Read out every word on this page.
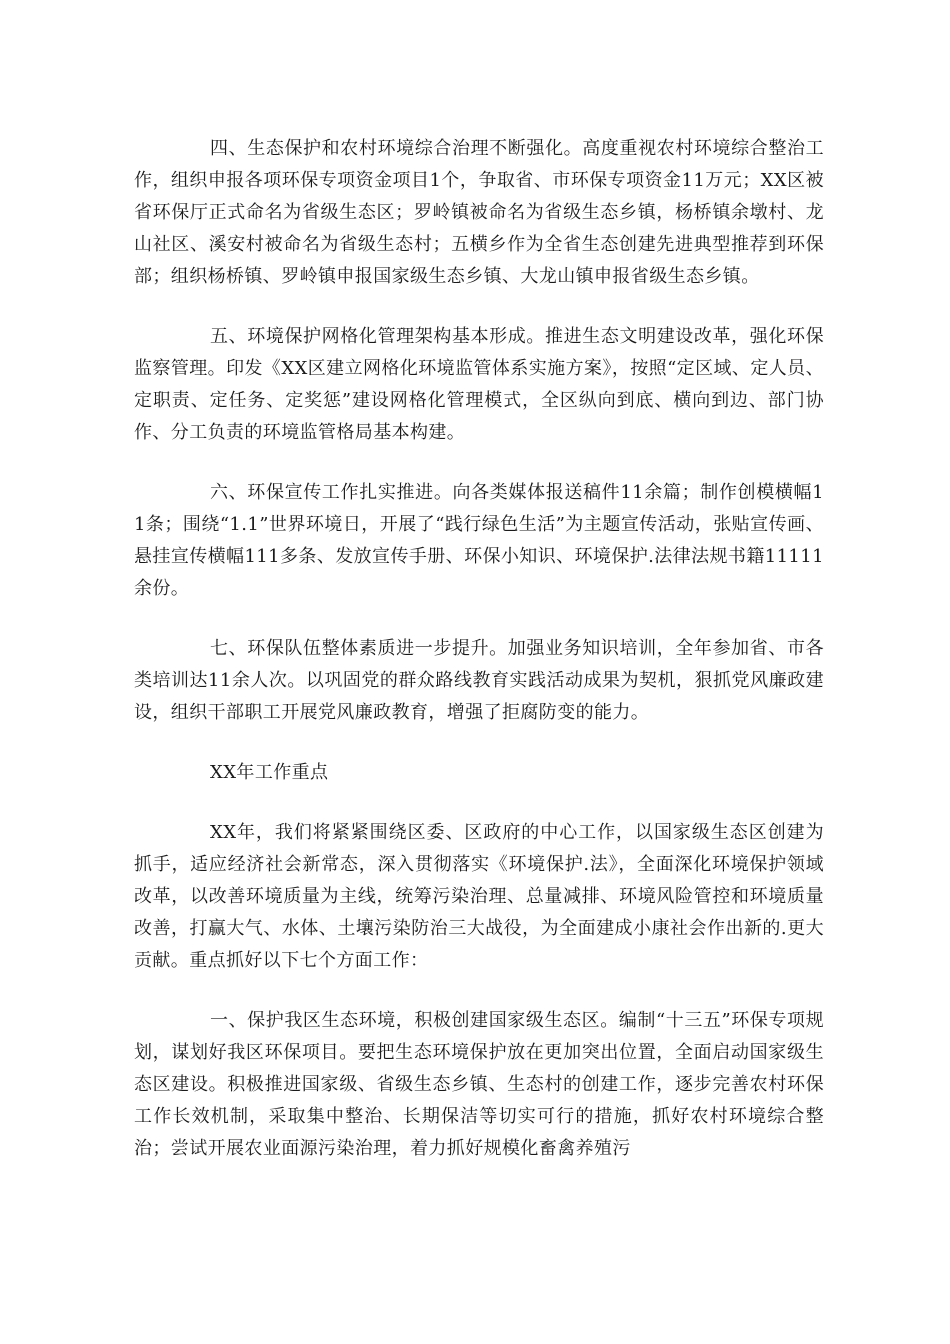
四、生态保护和农村环境综合治理不断强化。高度重视农村环境综合整治工作，组织申报各项环保专项资金项目1个，争取省、市环保专项资金11万元；XX区被省环保厅正式命名为省级生态区；罗岭镇被命名为省级生态乡镇，杨桥镇余墩村、龙山社区、溪安村被命名为省级生态村；五横乡作为全省生态创建先进典型推荐到环保部；组织杨桥镇、罗岭镇申报国家级生态乡镇、大龙山镇申报省级生态乡镇。

五、环境保护网格化管理架构基本形成。推进生态文明建设改革，强化环保监察管理。印发《XX区建立网格化环境监管体系实施方案》，按照“定区域、定人员、定职责、定任务、定奖惩”建设网格化管理模式，全区纵向到底、横向到边、部门协作、分工负责的环境监管格局基本构建。

六、环保宣传工作扎实推进。向各类媒体报送稿件11余篇；制作创模横幅11条；围绕“1.1”世界环境日，开展了“践行绿色生活”为主题宣传活动，张贴宣传画、悬挂宣传横幅111多条、发放宣传手册、环保小知识、环境保护.法律法规书籍11111余份。

七、环保队伍整体素质进一步提升。加强业务知识培训，全年参加省、市各类培训达11余人次。以巩固党的群众路线教育实践活动成果为契机，狠抓党风廉政建设，组织干部职工开展党风廉政教育，增强了拒腐防变的能力。

XX年工作重点

XX年，我们将紧紧围绕区委、区政府的中心工作，以国家级生态区创建为抓手，适应经济社会新常态，深入贯彻落实《环境保护.法》，全面深化环境保护领域改革，以改善环境质量为主线，统筹污染治理、总量减排、环境风险管控和环境质量改善，打赢大气、水体、土壤污染防治三大战役，为全面建成小康社会作出新的.更大贡献。重点抓好以下七个方面工作：

一、保护我区生态环境，积极创建国家级生态区。编制“十三五”环保专项规划，谋划好我区环保项目。要把生态环境保护放在更加突出位置，全面启动国家级生态区建设。积极推进国家级、省级生态乡镇、生态村的创建工作，逐步完善农村环保工作长效机制，采取集中整治、长期保洁等切实可行的措施，抓好农村环境综合整治；尝试开展农业面源污染治理，着力抓好规模化畜禽养殖污
